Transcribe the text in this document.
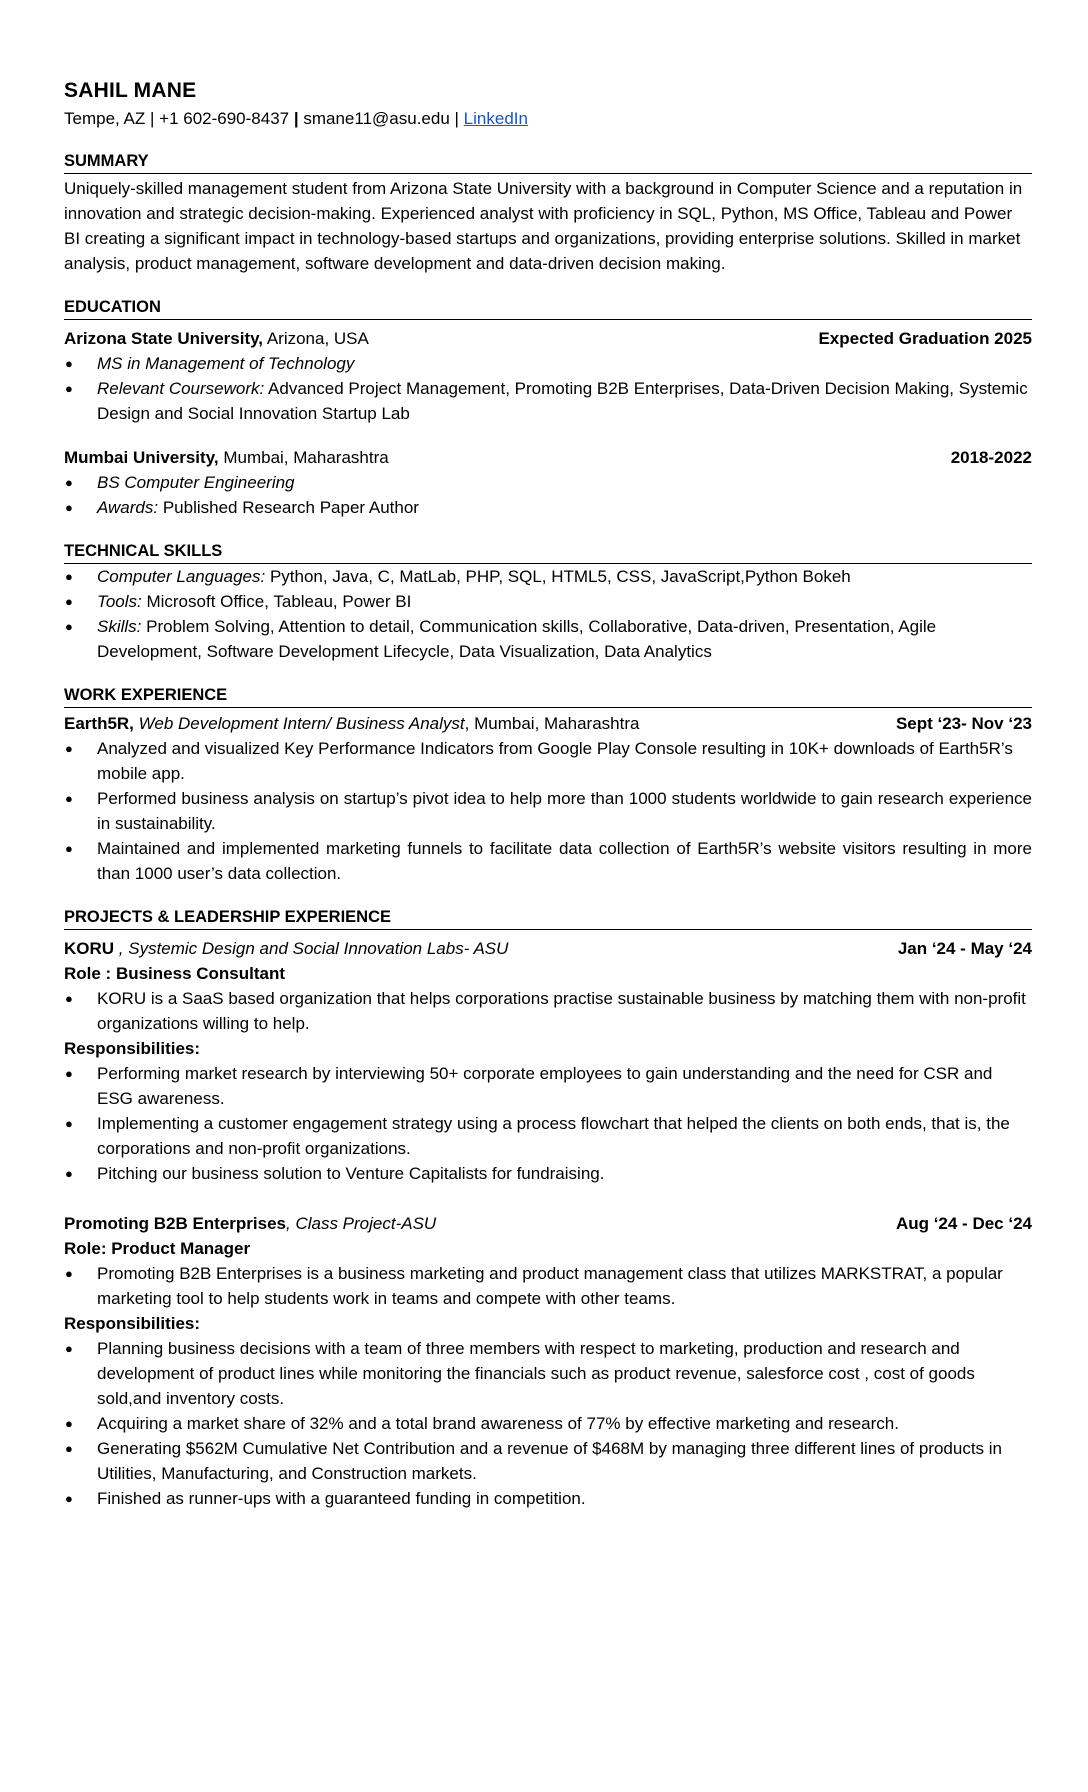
SAHIL MANE
Tempe, AZ | +1 602-690-8437 | smane11@asu.edu | LinkedIn
SUMMARY
Uniquely-skilled management student from Arizona State University with a background in Computer Science and a reputation in innovation and strategic decision-making. Experienced analyst with proficiency in SQL, Python, MS Office, Tableau and Power BI creating a significant impact in technology-based startups and organizations, providing enterprise solutions. Skilled in market analysis, product management, software development and data-driven decision making.
EDUCATION
Arizona State University, Arizona, USA	Expected Graduation 2025
● MS in Management of Technology
● Relevant Coursework: Advanced Project Management, Promoting B2B Enterprises, Data-Driven Decision Making, Systemic Design and Social Innovation Startup Lab
Mumbai University, Mumbai, Maharashtra	2018-2022
● BS Computer Engineering
● Awards: Published Research Paper Author
TECHNICAL SKILLS
● Computer Languages: Python, Java, C, MatLab, PHP, SQL, HTML5, CSS, JavaScript,Python Bokeh
● Tools: Microsoft Office, Tableau, Power BI
● Skills: Problem Solving, Attention to detail, Communication skills, Collaborative, Data-driven, Presentation, Agile Development, Software Development Lifecycle, Data Visualization, Data Analytics
WORK EXPERIENCE
Earth5R, Web Development Intern/ Business Analyst, Mumbai, Maharashtra	Sept ‘23- Nov ‘23
● Analyzed and visualized Key Performance Indicators from Google Play Console resulting in 10K+ downloads of Earth5R’s mobile app.
● Performed business analysis on startup’s pivot idea to help more than 1000 students worldwide to gain research experience in sustainability.
● Maintained and implemented marketing funnels to facilitate data collection of Earth5R’s website visitors resulting in more than 1000 user’s data collection.
PROJECTS & LEADERSHIP EXPERIENCE
KORU , Systemic Design and Social Innovation Labs- ASU	Jan ‘24 - May ‘24
Role : Business Consultant
● KORU is a SaaS based organization that helps corporations practise sustainable business by matching them with non-profit organizations willing to help.
Responsibilities:
● Performing market research by interviewing 50+ corporate employees to gain understanding and the need for CSR and ESG awareness.
● Implementing a customer engagement strategy using a process flowchart that helped the clients on both ends, that is, the corporations and non-profit organizations.
● Pitching our business solution to Venture Capitalists for fundraising.
Promoting B2B Enterprises, Class Project-ASU	Aug ‘24 - Dec ‘24
Role: Product Manager
● Promoting B2B Enterprises is a business marketing and product management class that utilizes MARKSTRAT, a popular marketing tool to help students work in teams and compete with other teams.
Responsibilities:
● Planning business decisions with a team of three members with respect to marketing, production and research and development of product lines while monitoring the financials such as product revenue, salesforce cost , cost of goods sold,and inventory costs.
● Acquiring a market share of 32% and a total brand awareness of 77% by effective marketing and research.
● Generating $562M Cumulative Net Contribution and a revenue of $468M by managing three different lines of products in Utilities, Manufacturing, and Construction markets.
● Finished as runner-ups with a guaranteed funding in competition.
